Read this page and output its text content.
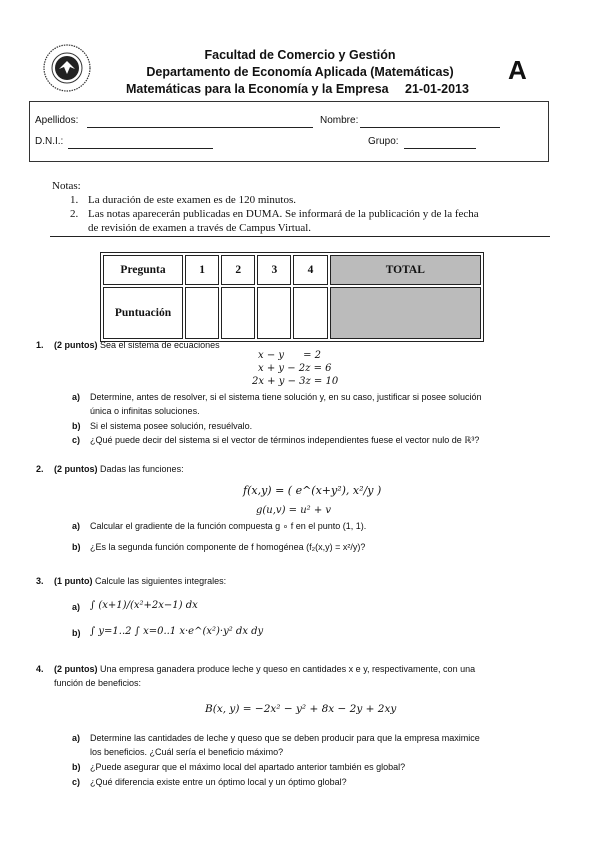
Facultad de Comercio y Gestión
Departamento de Economía Aplicada (Matemáticas)
Matemáticas para la Economía y la Empresa 21-01-2013
A
Apellidos:	Nombre:
D.N.I.:	Grupo:
Notas:
1. La duración de este examen es de 120 minutos.
2. Las notas aparecerán publicadas en DUMA. Se informará de la publicación y de la fecha
de revisión de examen a través de Campus Virtual.
Pregunta	1	2	3	4	TOTAL
Puntuación					
1. (2 puntos) Sea el sistema de ecuaciones
x − y      = 2
x + y − 2z = 6
2x + y − 3z = 10
a) Determine, antes de resolver, si el sistema tiene solución y, en su caso, justificar si posee solución
única o infinitas soluciones.
b) Si el sistema posee solución, resuélvalo.
c) ¿Qué puede decir del sistema si el vector de términos independientes fuese el vector nulo de ℝ³?
2. (2 puntos) Dadas las funciones:
f(x,y) = ( e^(x+y²), x²/y )
g(u,v) = u² + v
a) Calcular el gradiente de la función compuesta g ∘ f en el punto (1, 1).
b) ¿Es la segunda función componente de f homogénea (f₂(x,y) = x²/y)?
3. (1 punto) Calcule las siguientes integrales:
a) ∫ (x+1)/(x²+2x−1) dx
b) ∫ y=1..2 ∫ x=0..1 x·e^(x²)·y² dx dy
4. (2 puntos) Una empresa ganadera produce leche y queso en cantidades x e y, respectivamente, con una
función de beneficios:
B(x, y) = −2x² − y² + 8x − 2y + 2xy
a) Determine las cantidades de leche y queso que se deben producir para que la empresa maximice
los beneficios. ¿Cuál sería el beneficio máximo?
b) ¿Puede asegurar que el máximo local del apartado anterior también es global?
c) ¿Qué diferencia existe entre un óptimo local y un óptimo global?
